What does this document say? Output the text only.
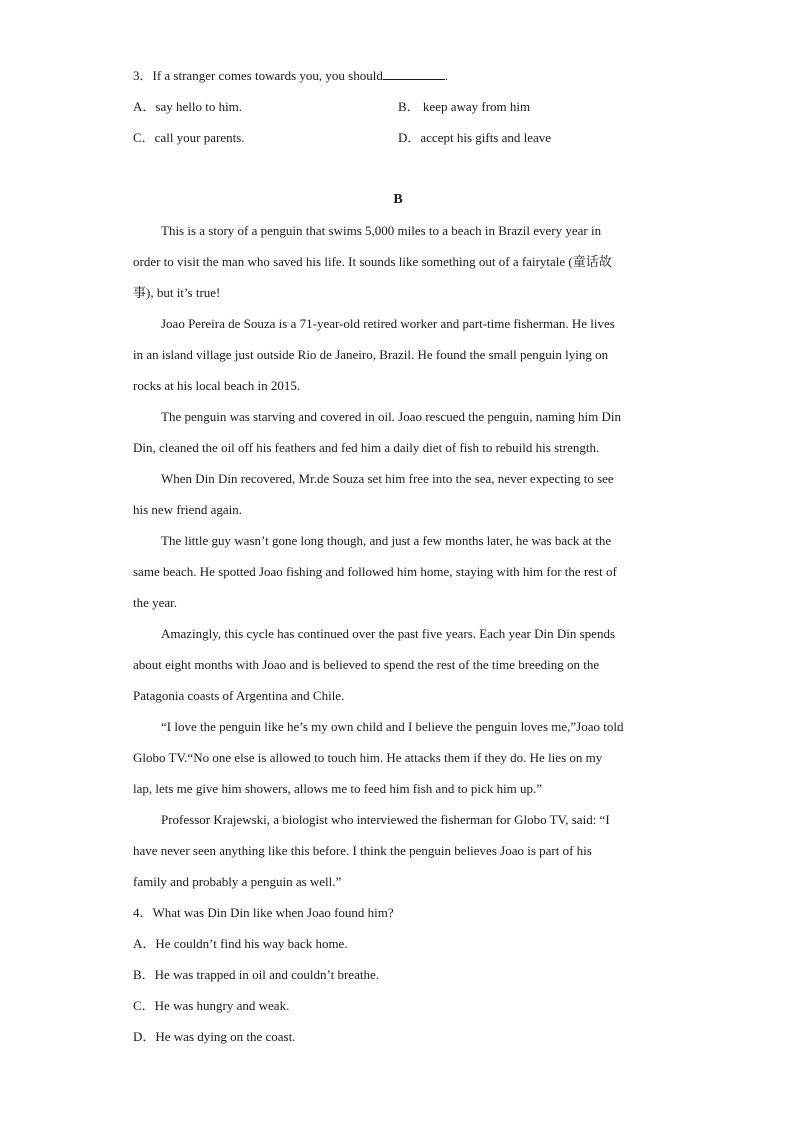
3．If a stranger comes towards you, you should	.
A．say hello to him.	B． keep away from him
C．call your parents.	D．accept his gifts and leave
B
This is a story of a penguin that swims 5,000 miles to a beach in Brazil every year in
order to visit the man who saved his life. It sounds like something out of a fairytale (童话故
事), but it’s true!
Joao Pereira de Souza is a 71-year-old retired worker and part-time fisherman. He lives
in an island village just outside Rio de Janeiro, Brazil. He found the small penguin lying on
rocks at his local beach in 2015.
The penguin was starving and covered in oil. Joao rescued the penguin, naming him Din
Din, cleaned the oil off his feathers and fed him a daily diet of fish to rebuild his strength.
When Din Din recovered, Mr.de Souza set him free into the sea, never expecting to see
his new friend again.
The little guy wasn’t gone long though, and just a few months later, he was back at the
same beach. He spotted Joao fishing and followed him home, staying with him for the rest of
the year.
Amazingly, this cycle has continued over the past five years. Each year Din Din spends
about eight months with Joao and is believed to spend the rest of the time breeding on the
Patagonia coasts of Argentina and Chile.
“I love the penguin like he’s my own child and I believe the penguin loves me,”Joao told
Globo TV.“No one else is allowed to touch him. He attacks them if they do. He lies on my
lap, lets me give him showers, allows me to feed him fish and to pick him up.”
Professor Krajewski, a biologist who interviewed the fisherman for Globo TV, said: “I
have never seen anything like this before. I think the penguin believes Joao is part of his
family and probably a penguin as well.”
4．What was Din Din like when Joao found him?
A．He couldn’t find his way back home.
B．He was trapped in oil and couldn’t breathe.
C．He was hungry and weak.
D．He was dying on the coast.
